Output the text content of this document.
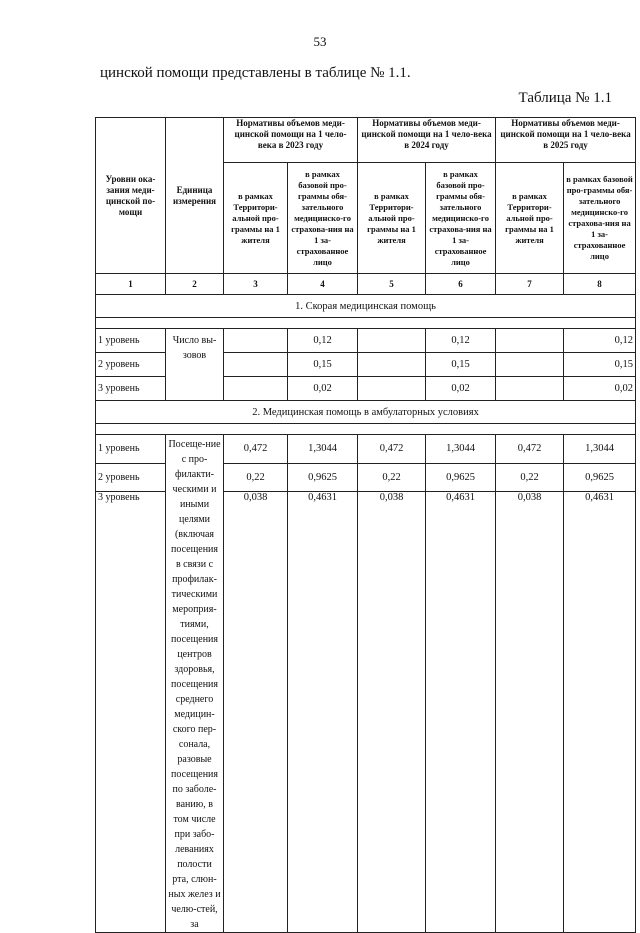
53
цинской помощи представлены в таблице № 1.1.
Таблица № 1.1
Уровни ока-зания меди-цинской по-мощи	Единица измерения	Нормативы объемов меди-цинской помощи на 1 чело-века в 2023 году		Нормативы объемов меди-цинской помощи на 1 чело-века в 2024 году		Нормативы объемов меди-цинской помощи на 1 чело-века в 2025 году	
		в рамках Территори-альной про-граммы на 1 жителя	в рамках базовой про-граммы обя-зательного медицинско-го страхова-ния на 1 за-страхованное лицо	в рамках Территори-альной про-граммы на 1 жителя	в рамках базовой про-граммы обя-зательного медицинско-го страхова-ния на 1 за-страхованное лицо	в рамках Территори-альной про-граммы на 1 жителя	в рамках базовой про-граммы обя-зательного медицинско-го страхова-ния на 1 за-страхованное лицо
1	2	3	4	5	6	7	8
1. Скорая медицинская помощь							

1 уровень	Число вы-зовов		0,12		0,12		0,12
2 уровень			0,15		0,15		0,15
3 уровень			0,02		0,02		0,02
2. Медицинская помощь в амбулаторных условиях							

1 уровень	Посеще-ние с про-филакти-ческими и иными целями (включая посещения в связи с профилак-тическими мероприя-тиями, посещения центров здоровья, посещения среднего медицин-ского пер-сонала, разовые посещения по заболе-ванию, в том числе при забо-леваниях полости рта, слюн-ных желез и челю-стей, за	0,472	1,3044	0,472	1,3044	0,472	1,3044
2 уровень		0,22	0,9625	0,22	0,9625	0,22	0,9625
3 уровень		0,038	0,4631	0,038	0,4631	0,038	0,4631
